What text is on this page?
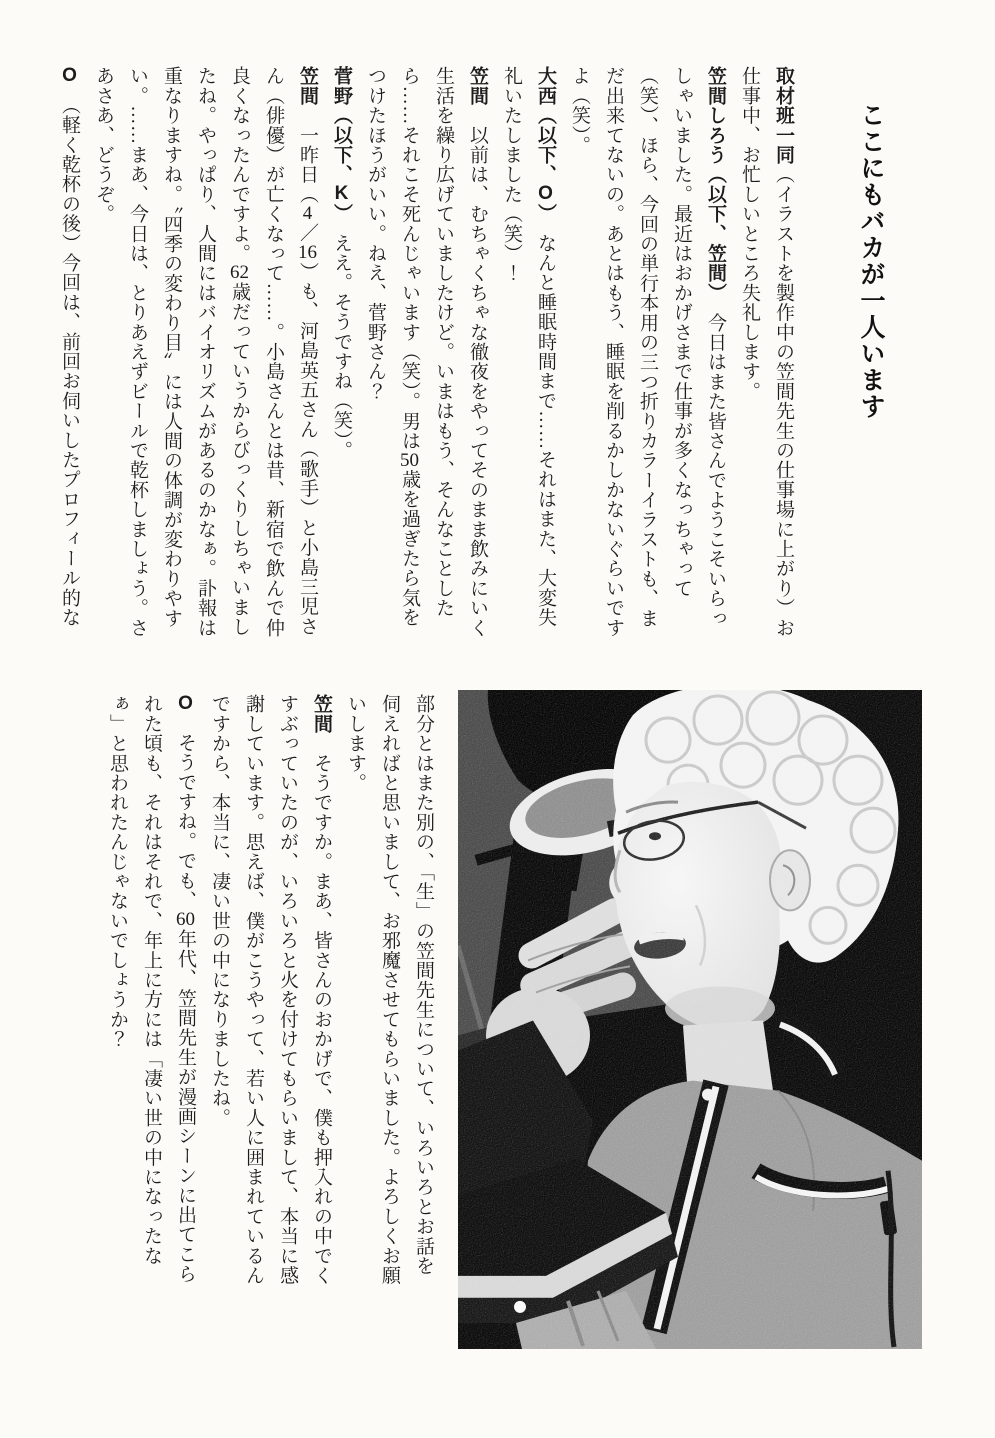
ここにもバカが一人います

取材班一同（イラストを製作中の笠間先生の仕事場に上がり）お仕事中、お忙しいところ失礼します。

笠間しろう（以下、笠間）　今日はまた皆さんでようこそいらっしゃいました。最近はおかげさまで仕事が多くなっちゃって（笑）、ほら、今回の単行本用の三つ折りカラーイラストも、まだ出来てないの。あとはもう、睡眠を削るかしかないぐらいですよ（笑）。

大西（以下、O）　なんと睡眠時間まで……それはまた、大変失礼いたしました（笑）！

笠間　以前は、むちゃくちゃな徹夜をやってそのまま飲みにいく生活を繰り広げていましたけど。いまはもう、そんなことしたら……それこそ死んじゃいます（笑）。男は50歳を過ぎたら気をつけたほうがいい。ねえ、菅野さん？

菅野（以下、K）　ええ。そうですね（笑）。

笠間　一昨日（4／16）も、河島英五さん（歌手）と小島三児さん（俳優）が亡くなって……。小島さんとは昔、新宿で飲んで仲良くなったんですよ。62歳だっていうからびっくりしちゃいましたね。やっぱり、人間にはバイオリズムがあるのかなぁ。訃報は重なりますね。〝四季の変わり目〟には人間の体調が変わりやすい。……まあ、今日は、とりあえずビールで乾杯しましょう。さあさあ、どうぞ。

O　（軽く乾杯の後）今回は、前回お伺いしたプロフィール的な

部分とはまた別の、「生」の笠間先生について、いろいろとお話を伺えればと思いまして、お邪魔させてもらいました。よろしくお願いします。

笠間　そうですか。まあ、皆さんのおかげで、僕も押入れの中でくすぶっていたのが、いろいろと火を付けてもらいまして、本当に感謝しています。思えば、僕がこうやって、若い人に囲まれているんですから、本当に、凄い世の中になりましたね。

O　そうですね。でも、60年代、笠間先生が漫画シーンに出てこられた頃も、それはそれで、年上に方には「凄い世の中になったなぁ」と思われたんじゃないでしょうか？
